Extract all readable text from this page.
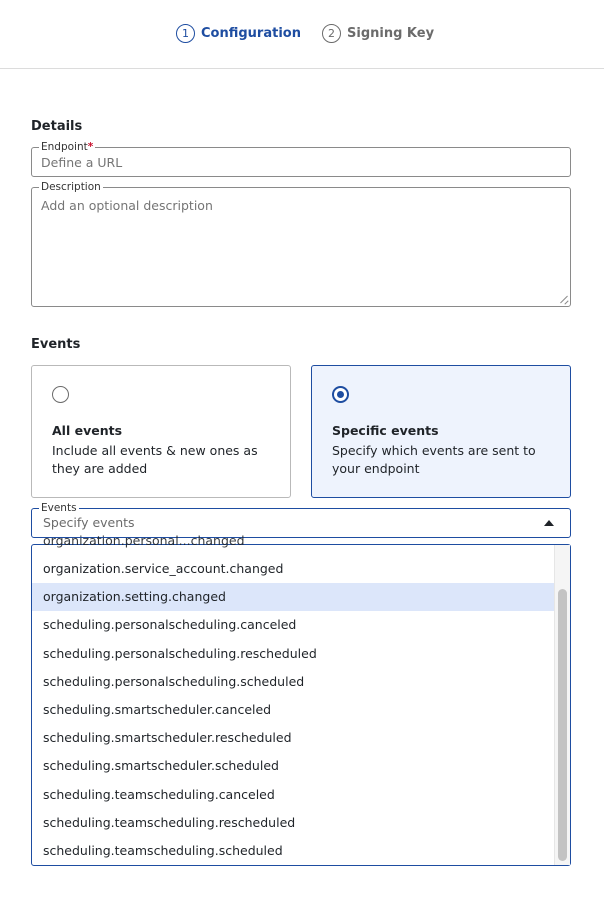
1 Configuration	2 Signing Key
Details
Endpoint*
Define a URL
Description
Add an optional description
Events
All events
Include all events & new ones as they are added
Specific events
Specify which events are sent to your endpoint
Events
Specify events
organization.personal...changed
organization.service_account.changed
organization.setting.changed
scheduling.personalscheduling.canceled
scheduling.personalscheduling.rescheduled
scheduling.personalscheduling.scheduled
scheduling.smartscheduler.canceled
scheduling.smartscheduler.rescheduled
scheduling.smartscheduler.scheduled
scheduling.teamscheduling.canceled
scheduling.teamscheduling.rescheduled
scheduling.teamscheduling.scheduled
